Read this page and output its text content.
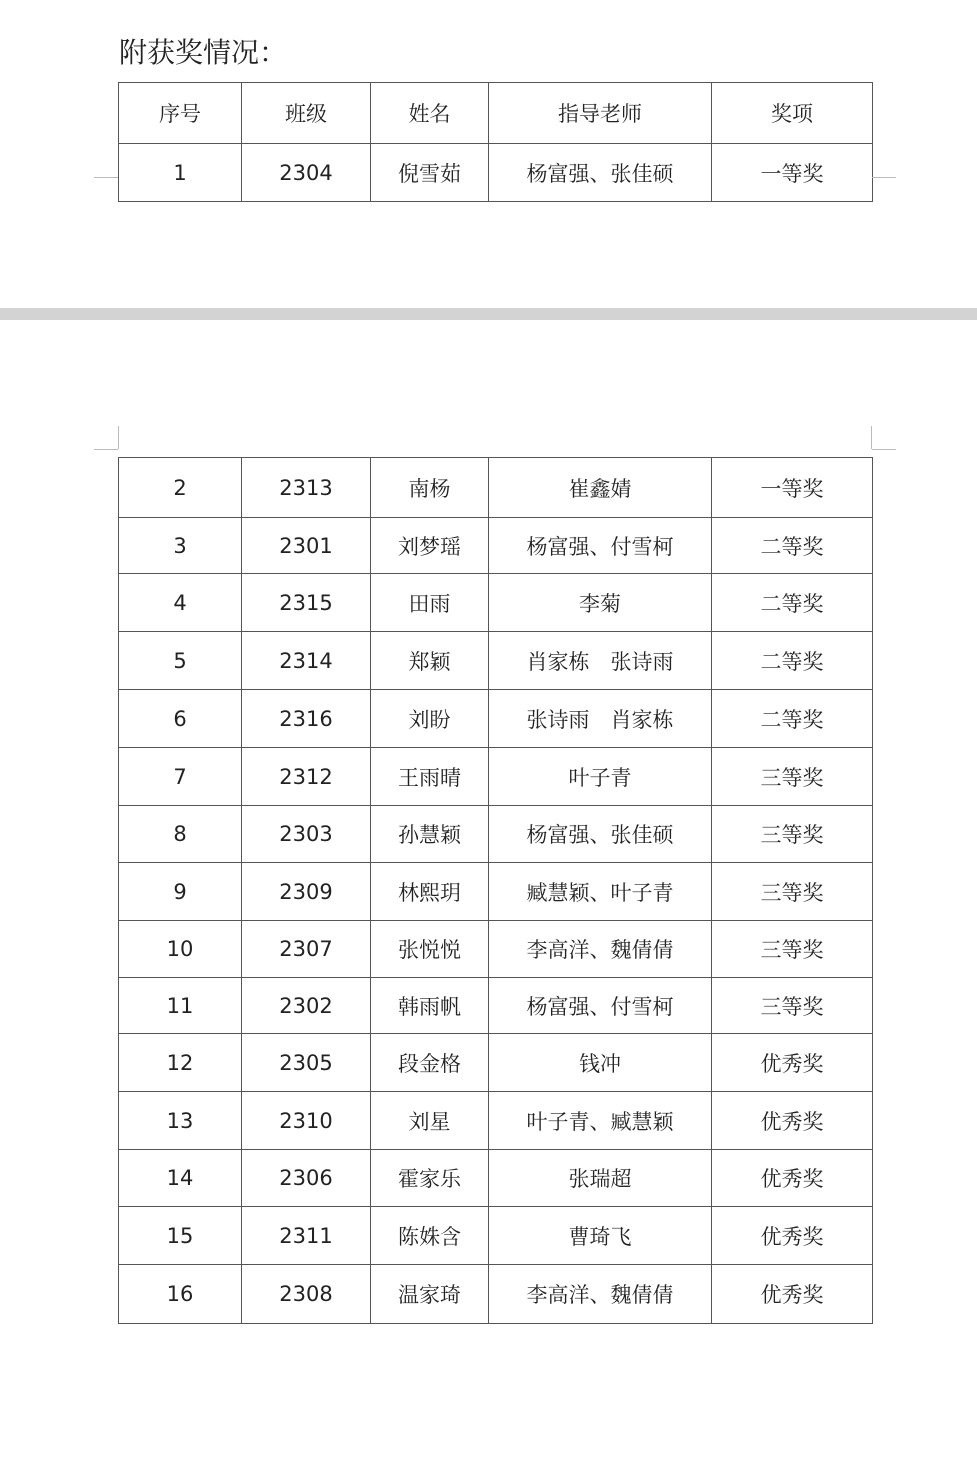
附获奖情况：
序号	班级	姓名	指导老师	奖项
1	2304	倪雪茹	杨富强、张佳硕	一等奖
2	2313	南杨	崔鑫婧	一等奖
3	2301	刘梦瑶	杨富强、付雪柯	二等奖
4	2315	田雨	李菊	二等奖
5	2314	郑颖	肖家栋　张诗雨	二等奖
6	2316	刘盼	张诗雨　肖家栋	二等奖
7	2312	王雨晴	叶子青	三等奖
8	2303	孙慧颖	杨富强、张佳硕	三等奖
9	2309	林熙玥	臧慧颖、叶子青	三等奖
10	2307	张悦悦	李高洋、魏倩倩	三等奖
11	2302	韩雨帆	杨富强、付雪柯	三等奖
12	2305	段金格	钱冲	优秀奖
13	2310	刘星	叶子青、臧慧颖	优秀奖
14	2306	霍家乐	张瑞超	优秀奖
15	2311	陈姝含	曹琦飞	优秀奖
16	2308	温家琦	李高洋、魏倩倩	优秀奖
